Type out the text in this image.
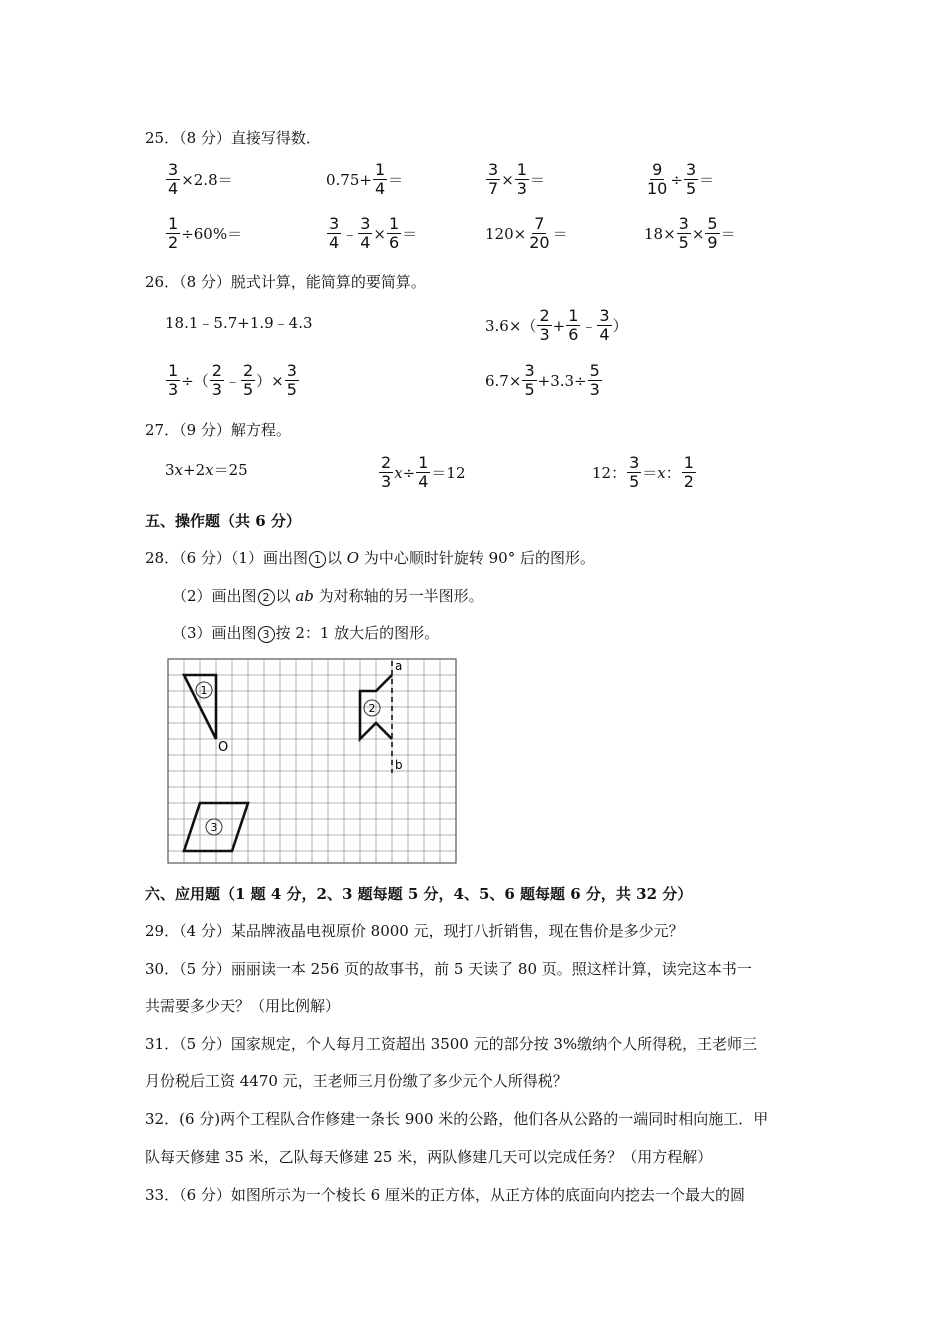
25．（8 分）直接写得数．
$\frac{3}{4} \times 2.8=$	$0.75+ \frac{1}{4}$ ＝	$\frac{3}{7} \times \frac{1}{3}$ ＝	$\frac{9}{10} \div \frac{3}{5}$ ＝
$\frac{1}{2} \div 60\%=$	$\frac{3}{4}$ ﹣ $\frac{3}{4} \times \frac{1}{6}$ ＝	$120\times \frac{7}{20}$ ＝	$18\times \frac{3}{5} \times \frac{5}{9}$ ＝
26．（8 分）脱式计算，能简算的要简算。
18.1﹣5.7+1.9﹣4.3	$3.6\times( \frac{2}{3} + \frac{1}{6}$ ﹣ $\frac{3}{4}$ ）
$\frac{1}{3}$ ÷（ $\frac{2}{3}$ ﹣ $\frac{2}{5}$ ）× $\frac{3}{5}$	$6.7\times \frac{3}{5} +3.3\div \frac{5}{3}$
27．（9 分）解方程。
3x+2x＝25	$\frac{2}{3}$ $x \div \frac{1}{4} =12$	12： $\frac{3}{5} = x$ ： $\frac{1}{2}$
五、操作题（共 6 分）
28．（6 分）（1）画出图 1 以 O 为中心顺时针旋转 90° 后的图形。
（2）画出图 2 以 ab 为对称轴的另一半图形。
（3）画出图 3 按 2：1 放大后的图形。
1
O
2
a
b
3
六、应用题（1 题 4 分，2、3 题每题 5 分，4、5、6 题每题 6 分，共 32 分）
29．（4 分）某品牌液晶电视原价 8000 元，现打八折销售，现在售价是多少元？
30．（5 分）丽丽读一本 256 页的故事书，前 5 天读了 80 页。照这样计算，读完这本书一
共需要多少天？（用比例解）
31．（5 分）国家规定，个人每月工资超出 3500 元的部分按 3%缴纳个人所得税，王老师三
月份税后工资 4470 元，王老师三月份缴了多少元个人所得税？
32．(6 分)两个工程队合作修建一条长 900 米的公路，他们各从公路的一端同时相向施工．甲
队每天修建 35 米，乙队每天修建 25 米，两队修建几天可以完成任务？（用方程解）
33．（6 分）如图所示为一个棱长 6 厘米的正方体，从正方体的底面向内挖去一个最大的圆
